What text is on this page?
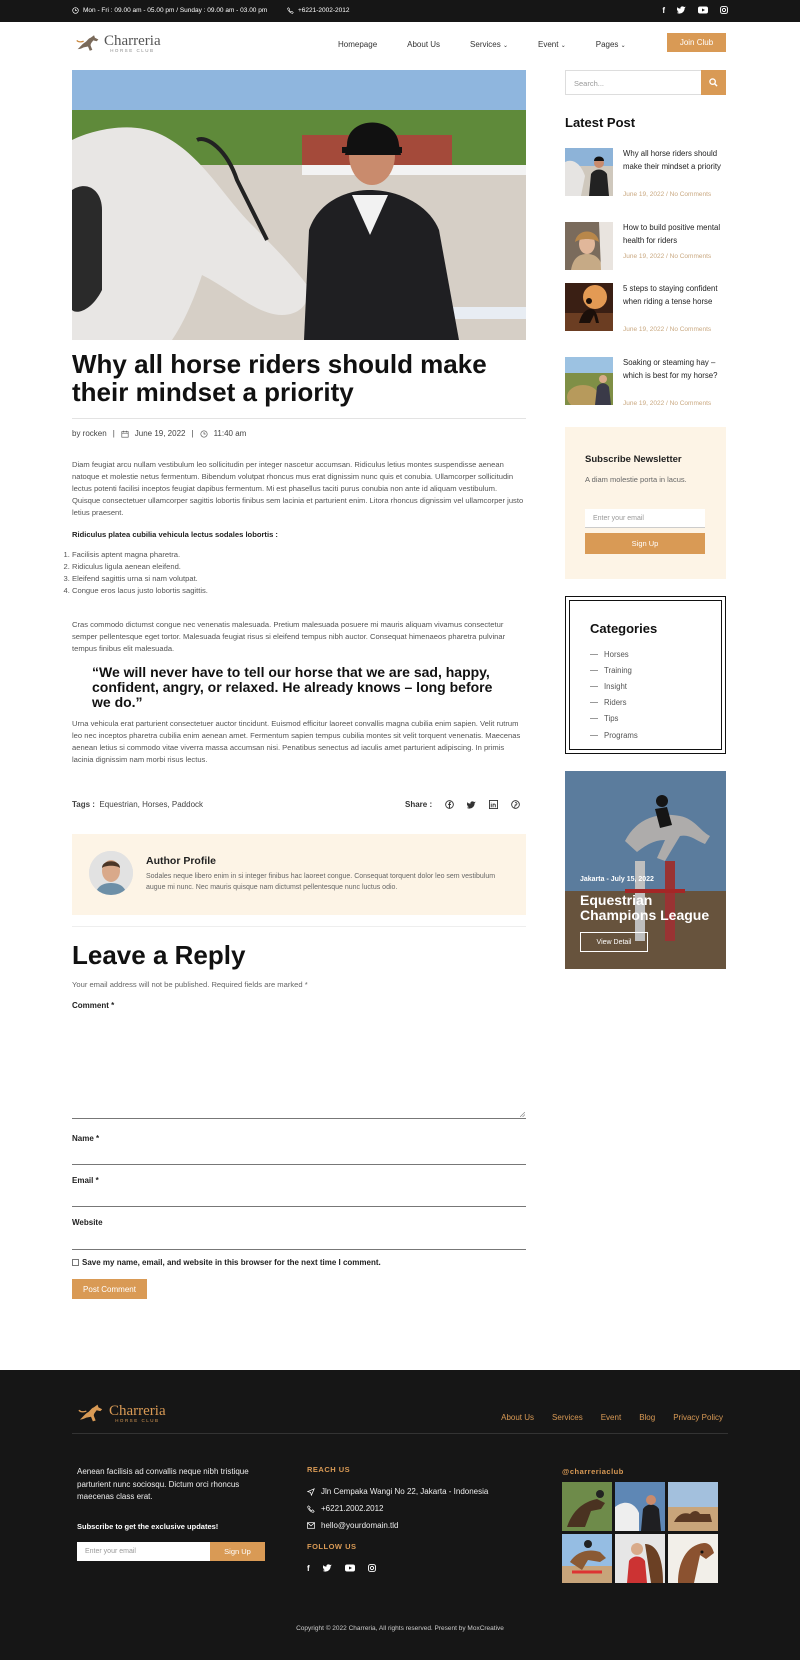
Mon - Fri : 09.00 am - 05.00 pm / Sunday : 09.00 am - 03.00 pm	+6221-2002-2012	f
Charreria
HORSE CLUB
Homepage	About Us	Services ⌄	Event ⌄	Pages ⌄	Join Club
Why all horse riders should make their mindset a priority
by rocken |	June 19, 2022 |	11:40 am

Diam feugiat arcu nullam vestibulum leo sollicitudin per integer nascetur accumsan. Ridiculus letius montes suspendisse aenean natoque et molestie netus fermentum. Bibendum volutpat rhoncus mus erat dignissim nunc quis et conubia. Ullamcorper sollicitudin lectus potenti facilisi inceptos feugiat dapibus fermentum. Mi est phasellus taciti purus conubia non ante id aliquam vestibulum. Quisque consectetuer ullamcorper sagittis lobortis finibus sem lacinia et parturient enim. Litora rhoncus dignissim vel ullamcorper justo letius praesent.

Ridiculus platea cubilia vehicula lectus sodales lobortis :

1. Facilisis aptent magna pharetra.
2. Ridiculus ligula aenean eleifend.
3. Eleifend sagittis urna si nam volutpat.
4. Congue eros lacus justo lobortis sagittis.

Cras commodo dictumst congue nec venenatis malesuada. Pretium malesuada posuere mi mauris aliquam vivamus consectetur semper pellentesque eget tortor. Malesuada feugiat risus si eleifend tempus nibh auctor. Consequat himenaeos pharetra pulvinar tempus finibus elit malesuada.

“We will never have to tell our horse that we are sad, happy, confident, angry, or relaxed. He already knows – long before we do.”

Urna vehicula erat parturient consectetuer auctor tincidunt. Euismod efficitur laoreet convallis magna cubilia enim sapien. Velit rutrum leo nec inceptos pharetra cubilia enim aenean amet. Fermentum sapien tempus cubilia montes sit velit torquent venenatis. Maecenas aenean letius si commodo vitae viverra massa accumsan nisi. Penatibus senectus ad iaculis amet parturient adipiscing. In primis lacinia dignissim nam morbi risus lectus.

Tags : Equestrian, Horses, Paddock	Share :
Author Profile
Sodales neque libero enim in si integer finibus hac laoreet congue. Consequat torquent dolor leo sem vestibulum augue mi nunc. Nec mauris quisque nam dictumst pellentesque nunc luctus odio.
Leave a Reply
Your email address will not be published. Required fields are marked *
Comment *
Name *
Email *
Website
Save my name, email, and website in this browser for the next time I comment.
Post Comment
Search...
Latest Post
Why all horse riders should make their mindset a priority
June 19, 2022 / No Comments
How to build positive mental health for riders
June 19, 2022 / No Comments
5 steps to staying confident when riding a tense horse
June 19, 2022 / No Comments
Soaking or steaming hay – which is best for my horse?
June 19, 2022 / No Comments
Subscribe Newsletter
A diam molestie porta in lacus.
Enter your email
Sign Up
Categories
Horses
Training
Insight
Riders
Tips
Programs
Jakarta - July 15, 2022
Equestrian Champions League
View Detail
Charreria
HORSE CLUB	About Us Services Event Blog Privacy Policy
Aenean facilisis ad convallis neque nibh tristique parturient nunc sociosqu. Dictum orci rhoncus maecenas class erat.
Subscribe to get the exclusive updates!
Enter your email	Sign Up
REACH US
Jln Cempaka Wangi No 22, Jakarta - Indonesia
+6221.2002.2012
hello@yourdomain.tld
FOLLOW US
f
@charreriaclub
Copyright © 2022 Charreria, All rights reserved. Present by MoxCreative
